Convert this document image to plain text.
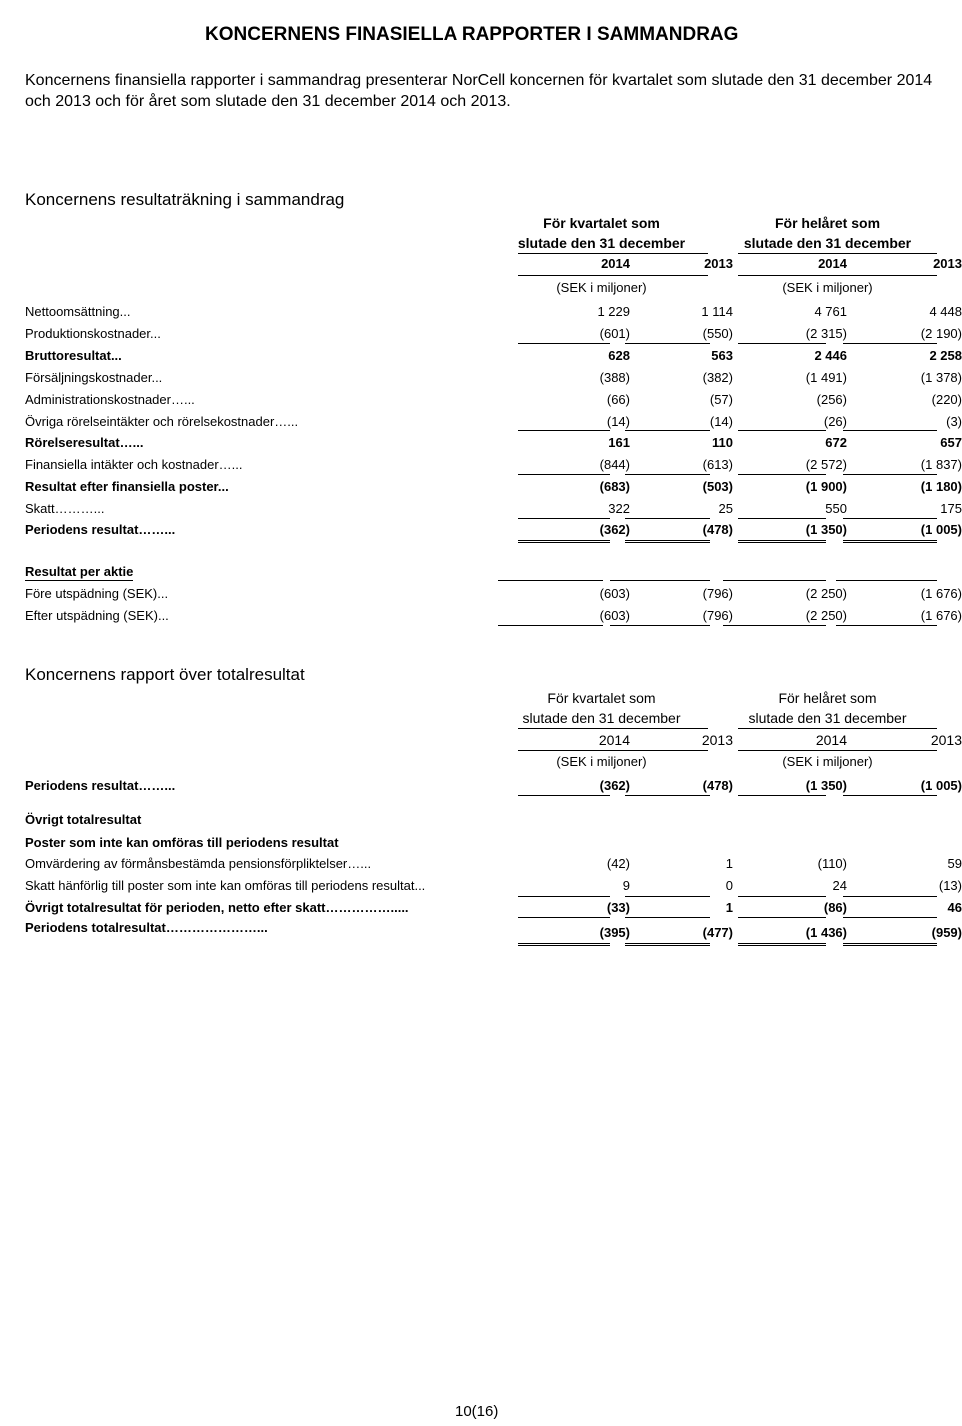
KONCERNENS FINASIELLA RAPPORTER I SAMMANDRAG
Koncernens finansiella rapporter i sammandrag presenterar NorCell koncernen för kvartalet som slutade den 31 december 2014 och 2013 och för året som slutade den 31 december 2014 och 2013.
Koncernens resultaträkning i sammandrag
För kvartalet som
slutade den 31 december
För helåret som
slutade den 31 december
2014	2013	2014	2013
(SEK i miljoner)	(SEK i miljoner)
Nettoomsättning...	1 229	1 114	4 761	4 448
Produktionskostnader...	(601)	(550)	(2 315)	(2 190)
Bruttoresultat...	628	563	2 446	2 258
Försäljningskostnader...	(388)	(382)	(1 491)	(1 378)
Administrationskostnader…...	(66)	(57)	(256)	(220)
Övriga rörelseintäkter och rörelsekostnader…...	(14)	(14)	(26)	(3)
Rörelseresultat…...	161	110	672	657
Finansiella intäkter och kostnader…...	(844)	(613)	(2 572)	(1 837)
Resultat efter finansiella poster...	(683)	(503)	(1 900)	(1 180)
Skatt………...	322	25	550	175
Periodens resultat……...	(362)	(478)	(1 350)	(1 005)
Resultat per aktie
Före utspädning (SEK)...	(603)	(796)	(2 250)	(1 676)
Efter utspädning (SEK)...	(603)	(796)	(2 250)	(1 676)
Koncernens rapport över totalresultat
För kvartalet som
slutade den 31 december
För helåret som
slutade den 31 december
2014	2013	2014	2013
(SEK i miljoner)	(SEK i miljoner)
Periodens resultat……...	(362)	(478)	(1 350)	(1 005)
Övrigt totalresultat
Poster som inte kan omföras till periodens resultat
Omvärdering av förmånsbestämda pensionsförpliktelser…...	(42)	1	(110)	59
Skatt hänförlig till poster som inte kan omföras till periodens resultat...	9	0	24	(13)
Övrigt totalresultat för perioden, netto efter skatt…………….....	(33)	1	(86)	46
Periodens totalresultat…………………...	(395)	(477)	(1 436)	(959)
10(16)
